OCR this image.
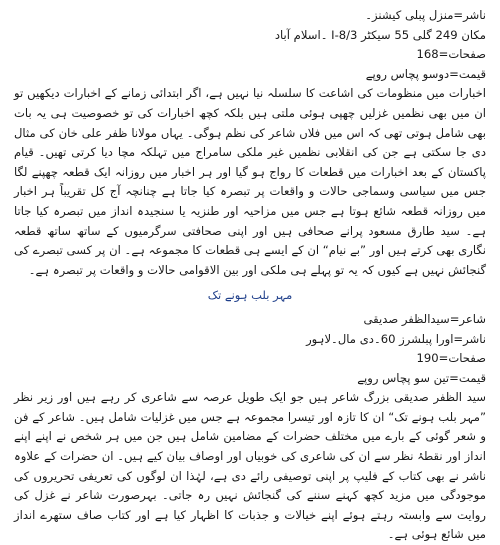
ناشر=منزل پبلی کیشنز۔
مکان 249 گلی 55 سیکٹر I-8/3 ۔اسلام آباد
صفحات=168
قیمت=دوسو پچاس روپے

اخبارات میں منظومات کی اشاعت کا سلسلہ نیا نہیں ہے، اگر ابتدائی زمانے کے اخبارات دیکھیں تو ان میں بھی نظمیں غزلیں چھپی ہوئی ملتی ہیں بلکہ کچھ اخبارات کی تو خصوصیت ہی یہ بات بھی شامل ہوتی تھی کہ اس میں فلاں شاعر کی نظم ہوگی۔ یہاں مولانا ظفر علی خان کی مثال دی جا سکتی ہے جن کی انقلابی نظمیں غیر ملکی سامراج میں تہلکہ مچا دیا کرتی تھیں۔ قیام پاکستان کے بعد اخبارات میں قطعات کا رواج ہو گیا اور ہر اخبار میں روزانہ ایک قطعہ چھپنے لگا جس میں سیاسی وسماجی حالات و واقعات پر تبصرہ کیا جاتا ہے چنانچہ آج کل تقریباً ہر اخبار میں روزانہ قطعہ شائع ہوتا ہے جس میں مزاحیہ اور طنزیہ یا سنجیدہ انداز میں تبصرہ کیا جاتا ہے۔ سید طارق مسعود پرانے صحافی ہیں اور اپنی صحافتی سرگرمیوں کے ساتھ ساتھ قطعہ نگاری بھی کرتے ہیں اور ”بے نیام“ ان کے ایسے ہی قطعات کا مجموعہ ہے۔ ان پر کسی تبصرے کی گنجائش نہیں ہے کیوں کہ یہ تو پہلے ہی ملکی اور بین الاقوامی حالات و واقعات پر تبصرہ ہے۔

مہر بلب ہونے تک
شاعر=سیدالظفر صدیقی
ناشر=اورا پبلشرز 60۔دی مال۔لاہور
صفحات=190
قیمت=تین سو پچاس روپے

سید الظفر صدیقی بزرگ شاعر ہیں جو ایک طویل عرصہ سے شاعری کر رہے ہیں اور زیر نظر ”مہر بلب ہونے تک“ ان کا تازہ اور تیسرا مجموعہ ہے جس میں غزلیات شامل ہیں۔ شاعر کے فن و شعر گوئی کے بارے میں مختلف حضرات کے مضامین شامل ہیں جن میں ہر شخص نے اپنے اپنے انداز اور نقطۂ نظر سے ان کی شاعری کی خوبیاں اور اوصاف بیان کیے ہیں۔ ان حضرات کے علاوہ ناشر نے بھی کتاب کے فلیپ پر اپنی توصیفی رائے دی ہے، لہٰذا ان لوگوں کی تعریفی تحریروں کی موجودگی میں مزید کچھ کہنے سننے کی گنجائش نہیں رہ جاتی۔ بہرصورت شاعر نے غزل کی روایت سے وابستہ رہتے ہوئے اپنے خیالات و جذبات کا اظہار کیا ہے اور کتاب صاف ستھرے انداز میں شائع ہوئی ہے۔
